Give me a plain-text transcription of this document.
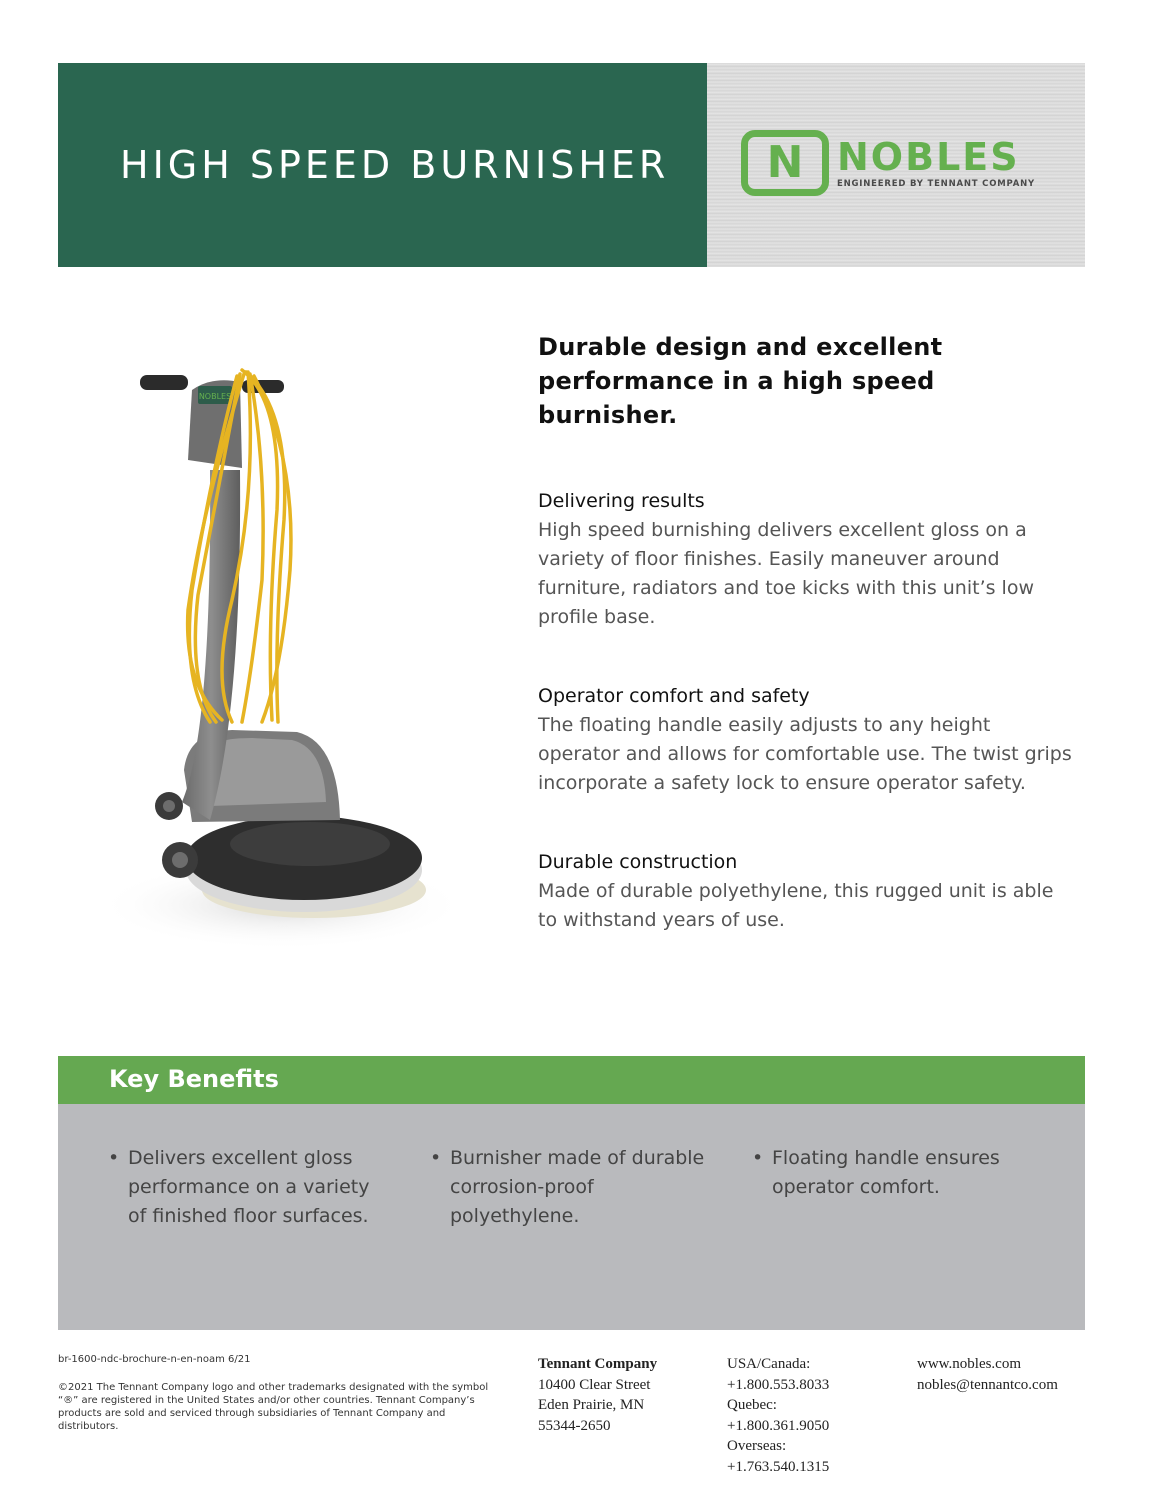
HIGH SPEED BURNISHER N NOBLES
ENGINEERED BY TENNANT COMPANY
NOBLES
Durable design and excellent performance in a high speed burnisher.
Delivering results
High speed burnishing delivers excellent gloss on a variety of floor finishes. Easily maneuver around furniture, radiators and toe kicks with this unit’s low profile base.
Operator comfort and safety
The floating handle easily adjusts to any height operator and allows for comfortable use. The twist grips incorporate a safety lock to ensure operator safety.
Durable construction
Made of durable polyethylene, this rugged unit is able to withstand years of use.
Key Benefits
• Delivers excellent gloss performance on a variety of finished floor surfaces.
• Burnisher made of durable corrosion-proof polyethylene.
• Floating handle ensures operator comfort.
br-1600-ndc-brochure-n-en-noam 6/21
©2021 The Tennant Company logo and other trademarks designated with the symbol “®” are registered in the United States and/or other countries. Tennant Company’s products are sold and serviced through subsidiaries of Tennant Company and distributors.
Tennant Company
10400 Clear Street
Eden Prairie, MN
55344-2650
USA/Canada:
+1.800.553.8033
Quebec:
+1.800.361.9050
Overseas:
+1.763.540.1315
www.nobles.com
nobles@tennantco.com
